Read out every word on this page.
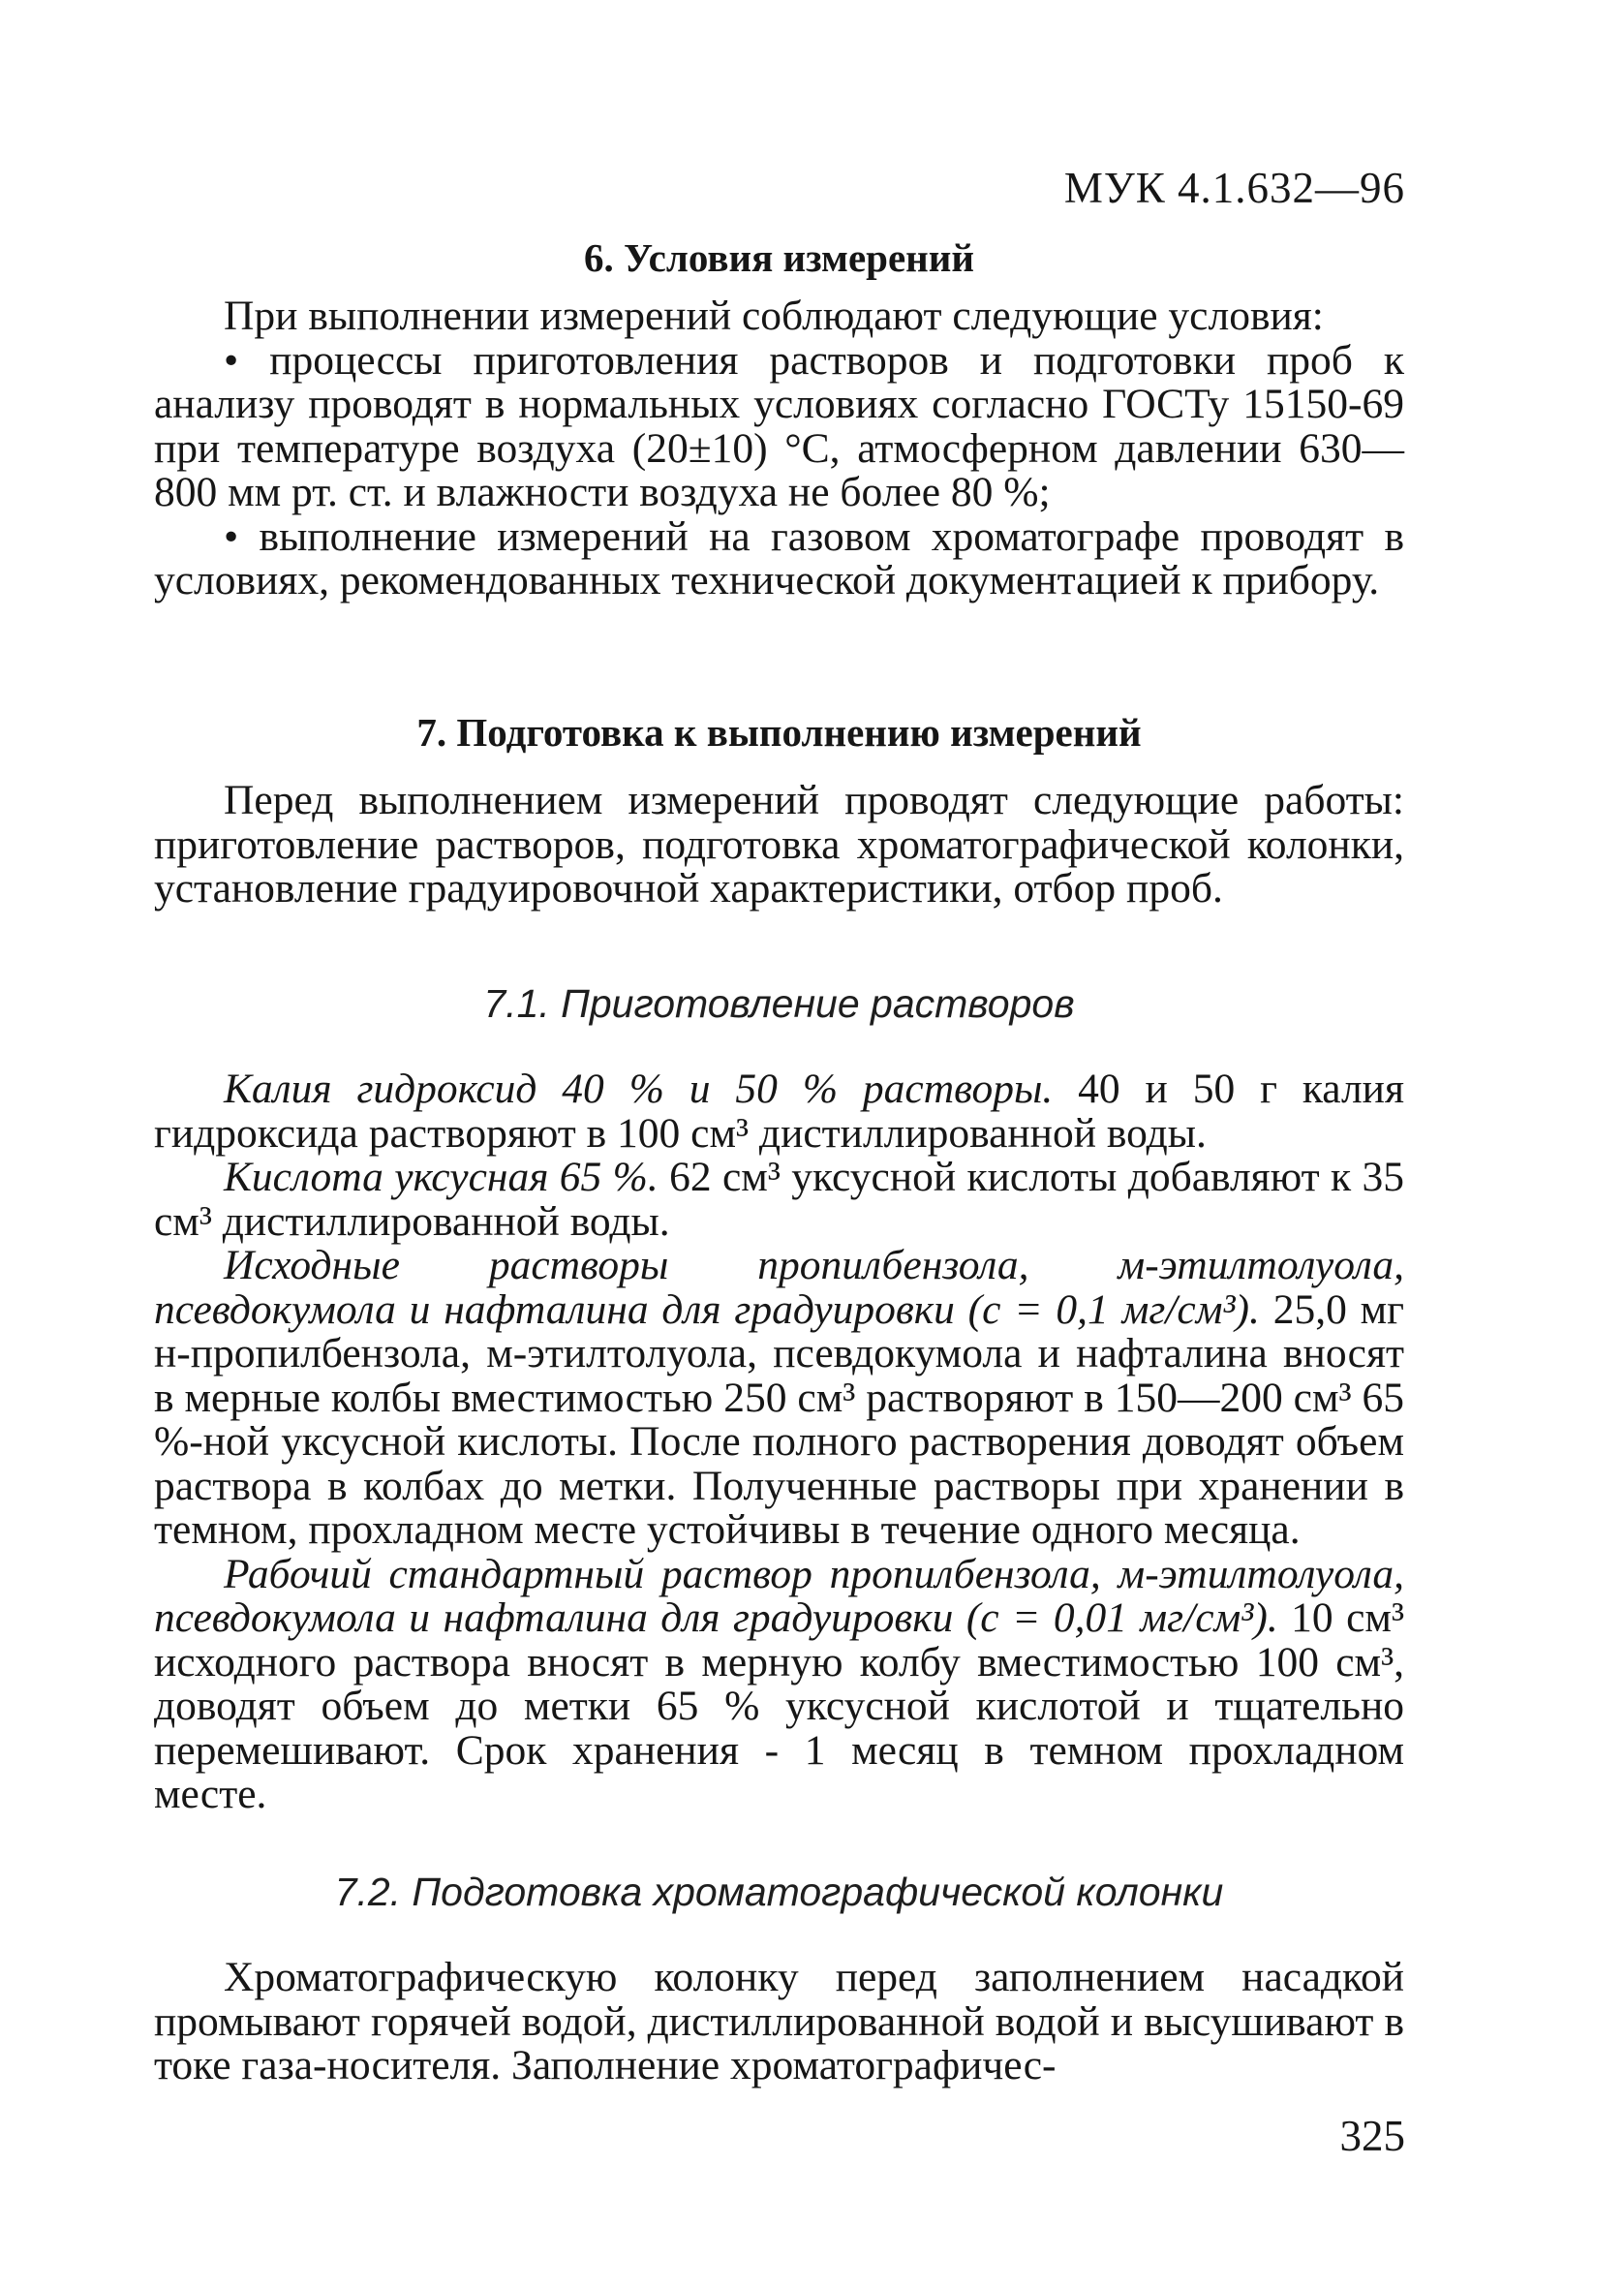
МУК 4.1.632—96

6. Условия измерений

При выполнении измерений соблюдают следующие условия:

• процессы приготовления растворов и подготовки проб к анализу проводят в нормальных условиях согласно ГОСТу 15150-69 при температуре воздуха (20±10) °С, атмосферном давлении 630—800 мм рт. ст. и влажности воздуха не более 80 %;

• выполнение измерений на газовом хроматографе проводят в условиях, рекомендованных технической документацией к прибору.

7. Подготовка к выполнению измерений

Перед выполнением измерений проводят следующие работы: приготовление растворов, подготовка хроматографической колонки, установление градуировочной характеристики, отбор проб.

7.1. Приготовление растворов

Калия гидроксид 40 % и 50 % растворы. 40 и 50 г калия гидроксида растворяют в 100 см³ дистиллированной воды.

Кислота уксусная 65 %. 62 см³ уксусной кислоты добавляют к 35 см³ дистиллированной воды.

Исходные растворы пропилбензола, м-этилтолуола, псевдокумола и нафталина для градуировки (с = 0,1 мг/см³). 25,0 мг н-пропилбензола, м-этилтолуола, псевдокумола и нафталина вносят в мерные колбы вместимостью 250 см³ растворяют в 150—200 см³ 65 %-ной уксусной кислоты. После полного растворения доводят объем раствора в колбах до метки. Полученные растворы при хранении в темном, прохладном месте устойчивы в течение одного месяца.

Рабочий стандартный раствор пропилбензола, м-этилтолуола, псевдокумола и нафталина для градуировки (с = 0,01 мг/см³). 10 см³ исходного раствора вносят в мерную колбу вместимостью 100 см³, доводят объем до метки 65 % уксусной кислотой и тщательно перемешивают. Срок хранения - 1 месяц в темном прохладном месте.

7.2. Подготовка хроматографической колонки

Хроматографическую колонку перед заполнением насадкой промывают горячей водой, дистиллированной водой и высушивают в токе газа-носителя. Заполнение хроматографичес-

325
